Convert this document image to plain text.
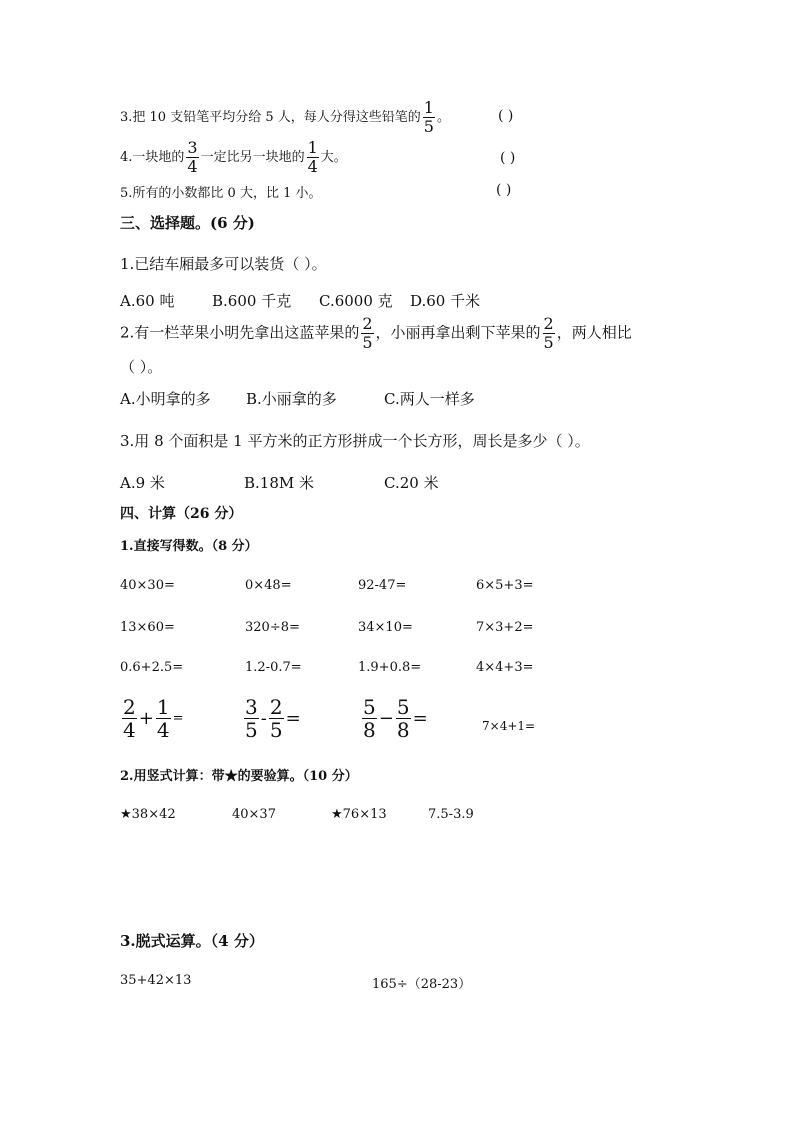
3.把 10 支铅笔平均分给 5 人，每人分得这些铅笔的 $\frac{1}{5}$ 。	( )
4.一块地的 $\frac{3}{4}$ 一定比另一块地的 $\frac{1}{4}$ 大。	( )
5.所有的小数都比 0 大，比 1 小。	( )
三、选择题。(6 分)
1.已结车厢最多可以装货（ ）。
A.60 吨	B.600 千克 C.6000 克 D.60 千米
2.有一栏苹果小明先拿出这蓝苹果的 $\frac{2}{5}$ ，小丽再拿出剩下苹果的 $\frac{2}{5}$ ，两人相比
（ ）。
A.小明拿的多 B.小丽拿的多	C.两人一样多
3.用 8 个面积是 1 平方米的正方形拼成一个长方形，周长是多少（ ）。
A.9 米	B.18M 米	C.20 米
四、计算（26 分）
1.直接写得数。（8 分）
40×30=	0×48=	92-47=	6×5+3=
13×60=	320÷8=	34×10=	7×3+2=
0.6+2.5=	1.2-0.7=	1.9+0.8=	4×4+3=
$\frac{2}{4} + \frac{1}{4}$ =	$\frac{3}{5} - \frac{2}{5}$ =	$\frac{5}{8} - \frac{5}{8}$ =	7×4+1=
2.用竖式计算：带★的要验算。（10 分）
★38×42	40×37	★76×13	7.5-3.9
3.脱式运算。（4 分）
35+42×13	165÷（28-23）
